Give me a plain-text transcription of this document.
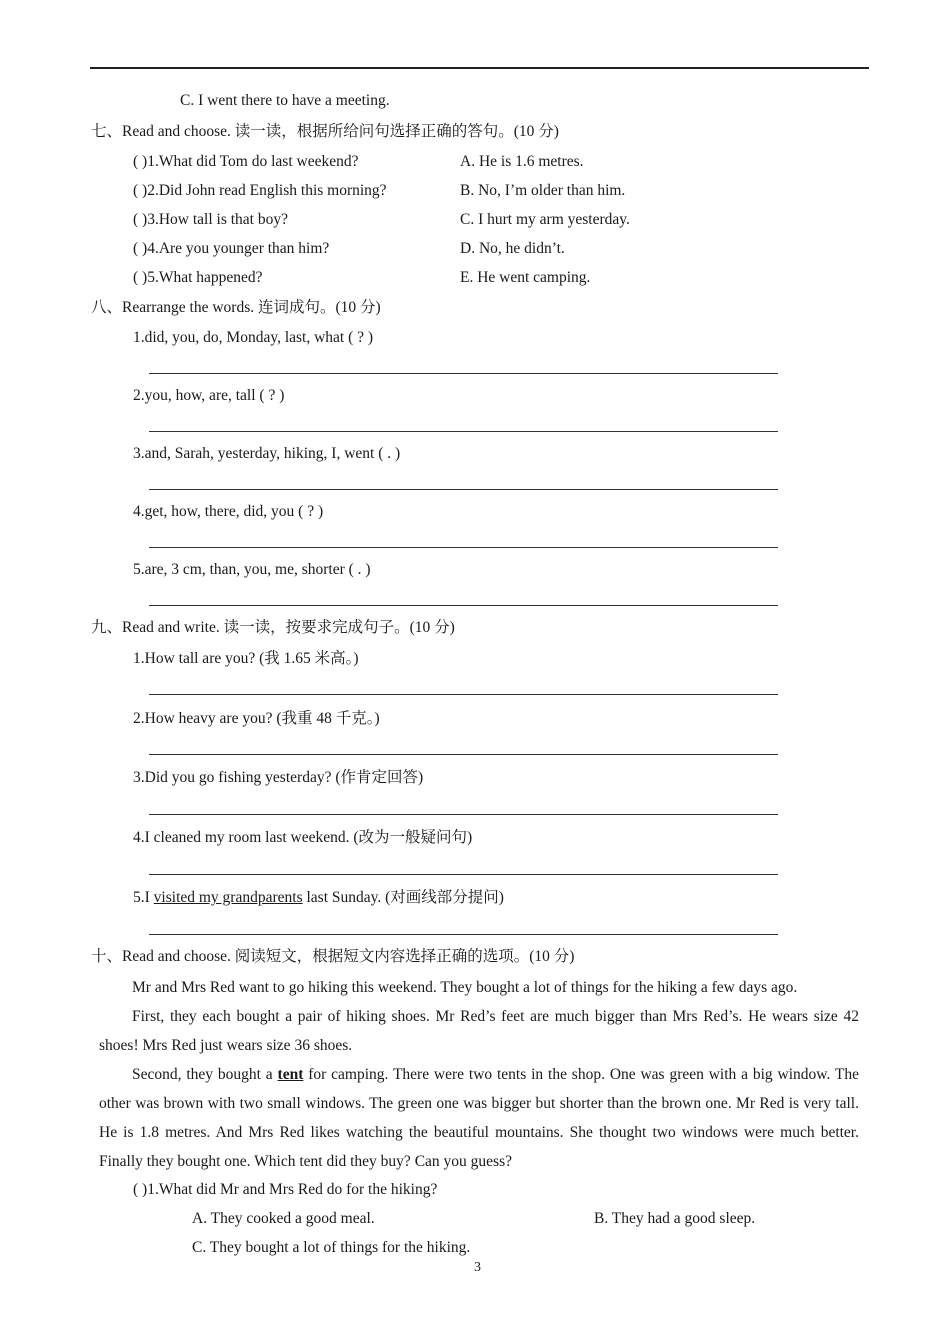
C. I went there to have a meeting.
七、Read and choose. 读一读，根据所给问句选择正确的答句。(10 分)
( )1.What did Tom do last weekend?	A. He is 1.6 metres.
( )2.Did John read English this morning?	B. No, I’m older than him.
( )3.How tall is that boy?	C. I hurt my arm yesterday.
( )4.Are you younger than him?	D. No, he didn’t.
( )5.What happened?	E. He went camping.
八、Rearrange the words. 连词成句。(10 分)
1.did, you, do, Monday, last, what ( ? )
2.you, how, are, tall ( ? )
3.and, Sarah, yesterday, hiking, I, went ( . )
4.get, how, there, did, you ( ? )
5.are, 3 cm, than, you, me, shorter ( . )
九、Read and write. 读一读，按要求完成句子。(10 分)
1.How tall are you? (我 1.65 米高。)
2.How heavy are you? (我重 48 千克。)
3.Did you go fishing yesterday? (作肯定回答)
4.I cleaned my room last weekend. (改为一般疑问句)
5.I visited my grandparents last Sunday. (对画线部分提问)
十、Read and choose. 阅读短文，根据短文内容选择正确的选项。(10 分)
Mr and Mrs Red want to go hiking this weekend. They bought a lot of things for the hiking a few days ago.
First, they each bought a pair of hiking shoes. Mr Red’s feet are much bigger than Mrs Red’s. He wears size 42 shoes! Mrs Red just wears size 36 shoes.
Second, they bought a tent for camping. There were two tents in the shop. One was green with a big window. The other was brown with two small windows. The green one was bigger but shorter than the brown one. Mr Red is very tall. He is 1.8 metres. And Mrs Red likes watching the beautiful mountains. She thought two windows were much better. Finally they bought one. Which tent did they buy? Can you guess?
( )1.What did Mr and Mrs Red do for the hiking?
A. They cooked a good meal.	B. They had a good sleep.
C. They bought a lot of things for the hiking.
3
